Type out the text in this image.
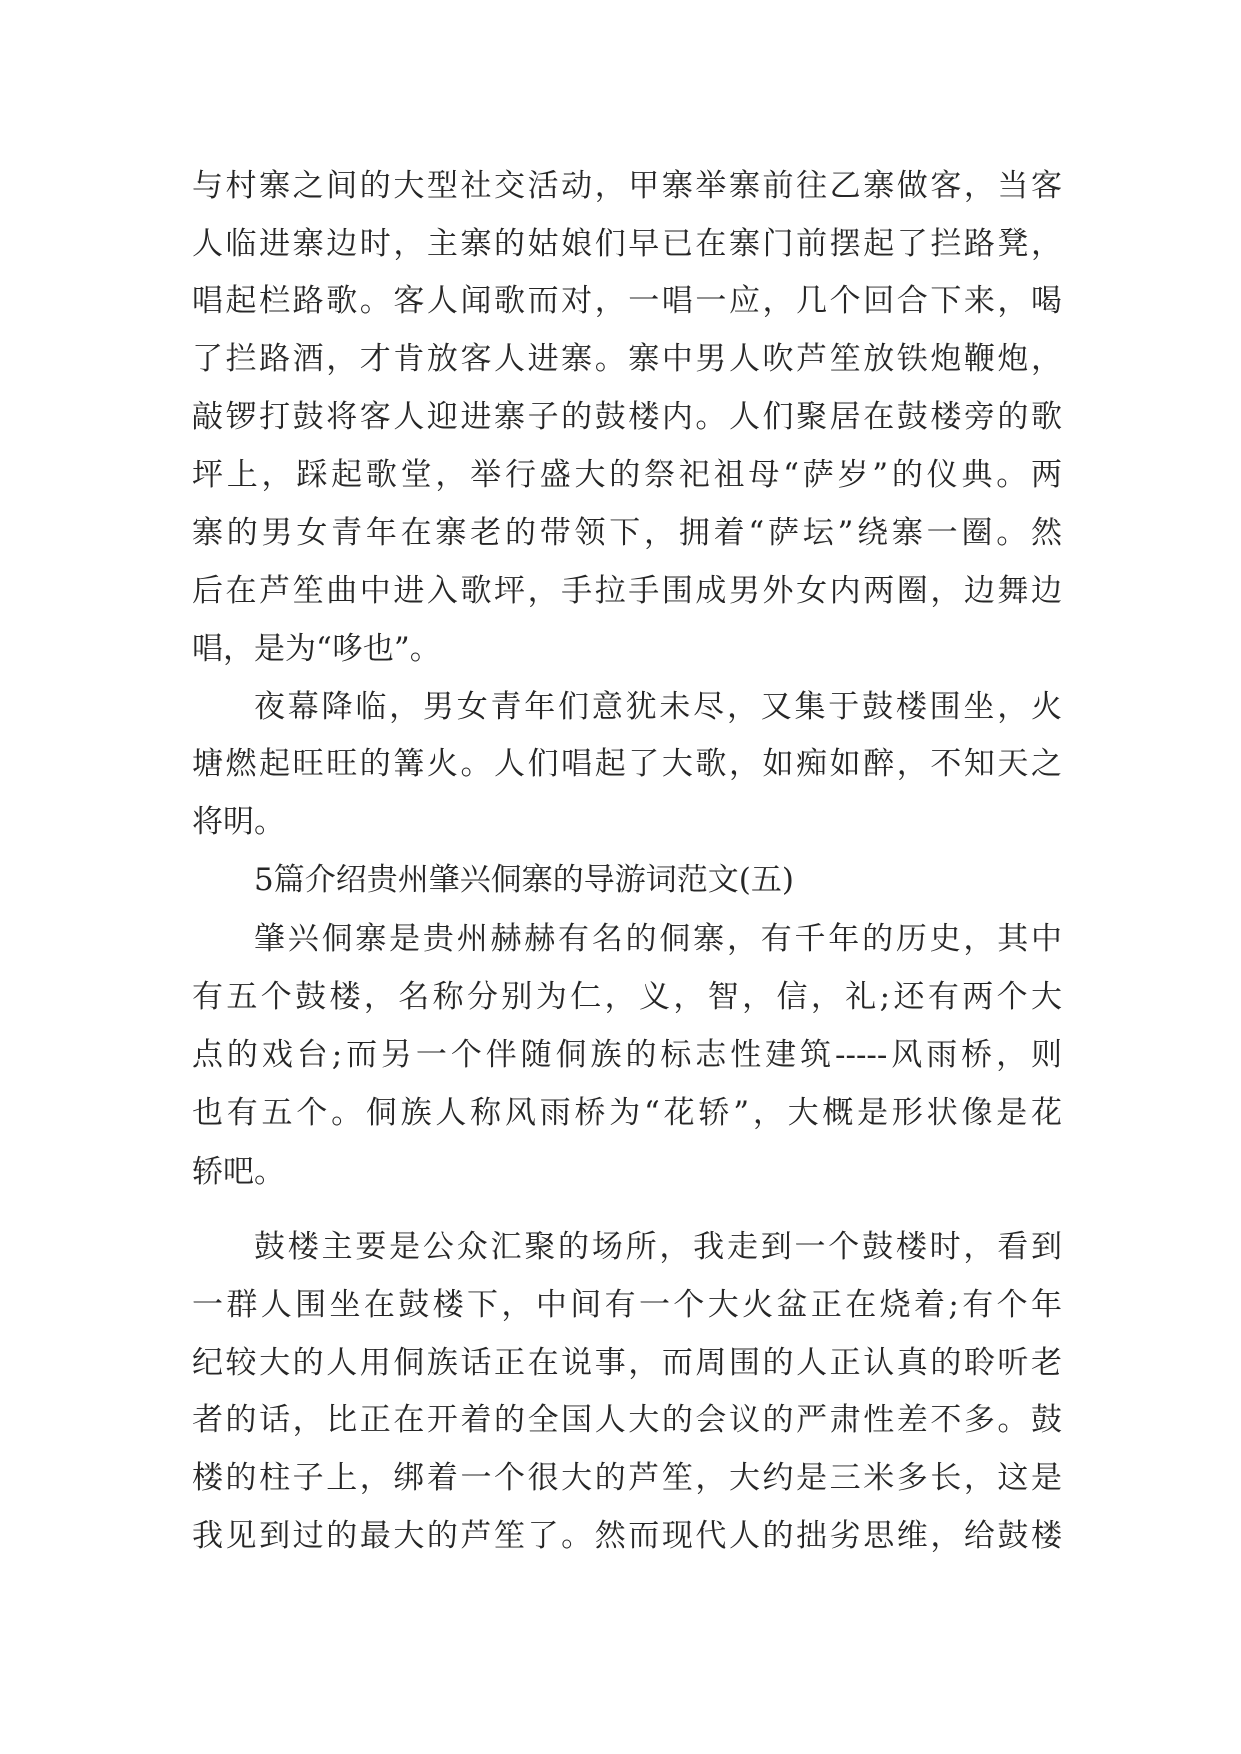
与村寨之间的大型社交活动，甲寨举寨前往乙寨做客，当客
人临进寨边时，主寨的姑娘们早已在寨门前摆起了拦路凳，
唱起栏路歌。客人闻歌而对，一唱一应，几个回合下来，喝
了拦路酒，才肯放客人进寨。寨中男人吹芦笙放铁炮鞭炮，
敲锣打鼓将客人迎进寨子的鼓楼内。人们聚居在鼓楼旁的歌
坪上，踩起歌堂，举行盛大的祭祀祖母“萨岁”的仪典。两
寨的男女青年在寨老的带领下，拥着“萨坛”绕寨一圈。然
后在芦笙曲中进入歌坪，手拉手围成男外女内两圈，边舞边
唱，是为“哆也”。
夜幕降临，男女青年们意犹未尽，又集于鼓楼围坐，火
塘燃起旺旺的篝火。人们唱起了大歌，如痴如醉，不知天之
将明。
5篇介绍贵州肇兴侗寨的导游词范文(五)
肇兴侗寨是贵州赫赫有名的侗寨，有千年的历史，其中
有五个鼓楼，名称分别为仁，义，智，信，礼;还有两个大
点的戏台;而另一个伴随侗族的标志性建筑-----风雨桥，则
也有五个。侗族人称风雨桥为“花轿”，大概是形状像是花
轿吧。
鼓楼主要是公众汇聚的场所，我走到一个鼓楼时，看到
一群人围坐在鼓楼下，中间有一个大火盆正在烧着;有个年
纪较大的人用侗族话正在说事，而周围的人正认真的聆听老
者的话，比正在开着的全国人大的会议的严肃性差不多。鼓
楼的柱子上，绑着一个很大的芦笙，大约是三米多长，这是
我见到过的最大的芦笙了。然而现代人的拙劣思维，给鼓楼
